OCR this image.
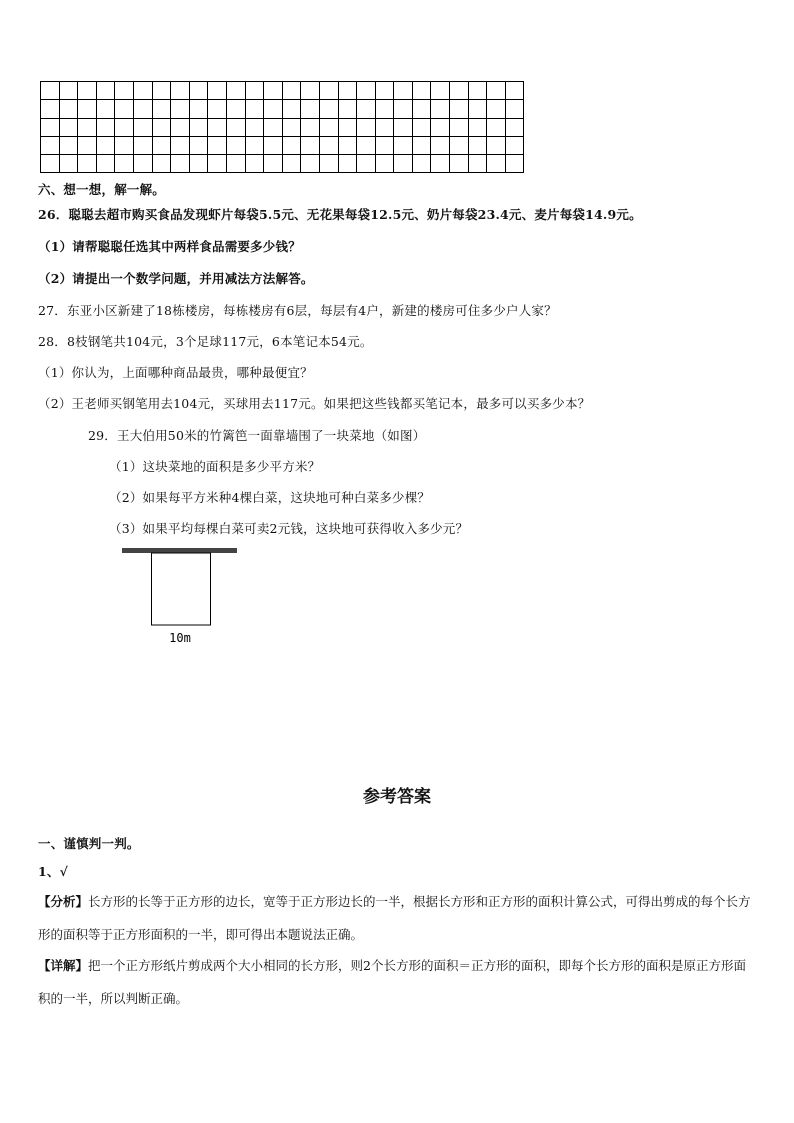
六、想一想，解一解。
26．聪聪去超市购买食品发现虾片每袋5.5元、无花果每袋12.5元、奶片每袋23.4元、麦片每袋14.9元。
（1）请帮聪聪任选其中两样食品需要多少钱？
（2）请提出一个数学问题，并用减法方法解答。
27．东亚小区新建了18栋楼房，每栋楼房有6层，每层有4户，新建的楼房可住多少户人家？
28．8枝钢笔共104元，3个足球117元，6本笔记本54元。
（1）你认为，上面哪种商品最贵，哪种最便宜？
（2）王老师买钢笔用去104元，买球用去117元。如果把这些钱都买笔记本，最多可以买多少本？
29．王大伯用50米的竹篱笆一面靠墙围了一块菜地（如图）
（1）这块菜地的面积是多少平方米？
（2）如果每平方米种4棵白菜，这块地可种白菜多少棵？
（3）如果平均每棵白菜可卖2元钱，这块地可获得收入多少元？
10m
参考答案
一、谨慎判一判。
1、√
【分析】长方形的长等于正方形的边长，宽等于正方形边长的一半，根据长方形和正方形的面积计算公式，可得出剪成的每个长方形的面积等于正方形面积的一半，即可得出本题说法正确。
【详解】把一个正方形纸片剪成两个大小相同的长方形，则2个长方形的面积＝正方形的面积，即每个长方形的面积是原正方形面积的一半，所以判断正确。
